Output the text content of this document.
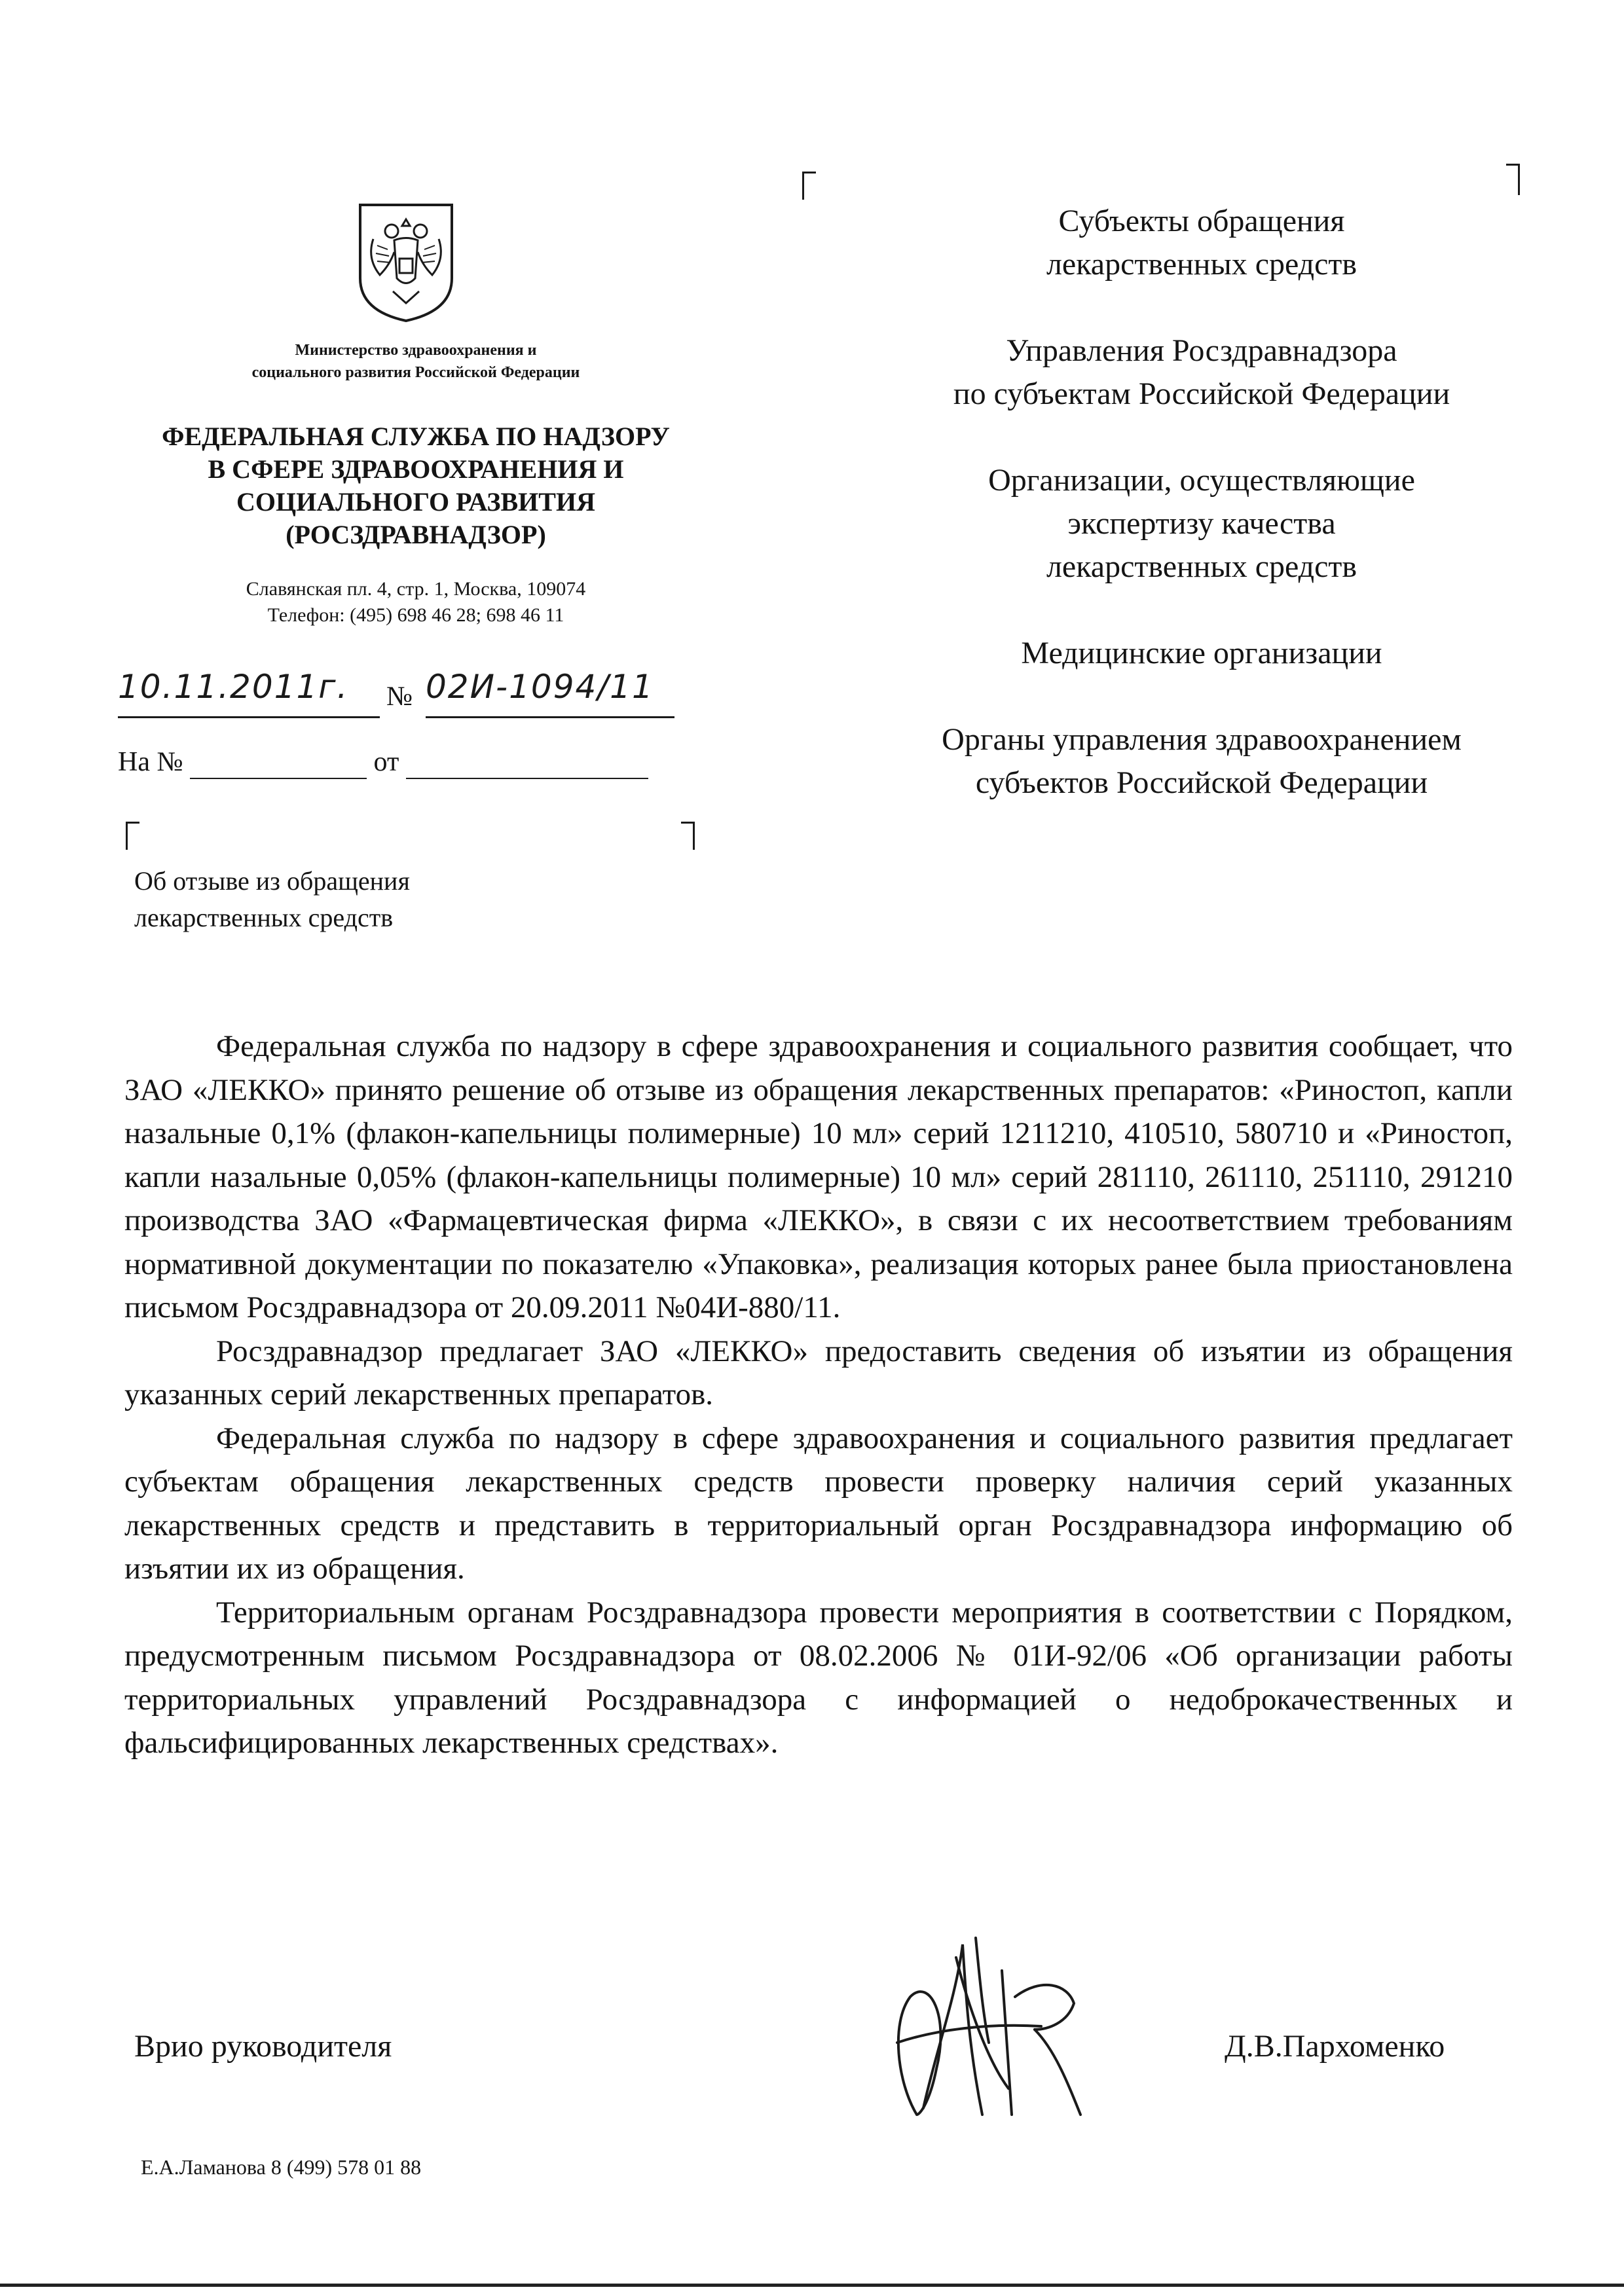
Министерство здравоохранения и
социального развития Российской Федерации
ФЕДЕРАЛЬНАЯ СЛУЖБА ПО НАДЗОРУ
В СФЕРЕ ЗДРАВООХРАНЕНИЯ И
СОЦИАЛЬНОГО РАЗВИТИЯ
(РОСЗДРАВНАДЗОР)
Славянская пл. 4, стр. 1, Москва, 109074
Телефон: (495) 698 46 28; 698 46 11
10.11.2011г.	№ 02И-1094/11
На №	от
Об отзыве из обращения
лекарственных средств
Субъекты обращения
лекарственных средств
Управления Росздравнадзора
по субъектам Российской Федерации
Организации, осуществляющие
экспертизу качества
лекарственных средств
Медицинские организации
Органы управления здравоохранением
субъектов Российской Федерации

Федеральная служба по надзору в сфере здравоохранения и социального развития сообщает, что ЗАО «ЛЕККО» принято решение об отзыве из обращения лекарственных препаратов: «Риностоп, капли назальные 0,1% (флакон-капельницы полимерные) 10 мл» серий 1211210, 410510, 580710 и «Риностоп, капли назальные 0,05% (флакон-капельницы полимерные) 10 мл» серий 281110, 261110, 251110, 291210 производства ЗАО «Фармацевтическая фирма «ЛЕККО», в связи с их несоответствием требованиям нормативной документации по показателю «Упаковка», реализация которых ранее была приостановлена письмом Росздравнадзора от 20.09.2011 №04И-880/11.

Росздравнадзор предлагает ЗАО «ЛЕККО» предоставить сведения об изъятии из обращения указанных серий лекарственных препаратов.

Федеральная служба по надзору в сфере здравоохранения и социального развития предлагает субъектам обращения лекарственных средств провести проверку наличия серий указанных лекарственных средств и представить в территориальный орган Росздравнадзора информацию об изъятии их из обращения.

Территориальным органам Росздравнадзора провести мероприятия в соответствии с Порядком, предусмотренным письмом Росздравнадзора от 08.02.2006 № 01И-92/06 «Об организации работы территориальных управлений Росздравнадзора с информацией о недоброкачественных и фальсифицированных лекарственных средствах».

Врио руководителя	Д.В.Пархоменко
Е.А.Ламанова 8 (499) 578 01 88
